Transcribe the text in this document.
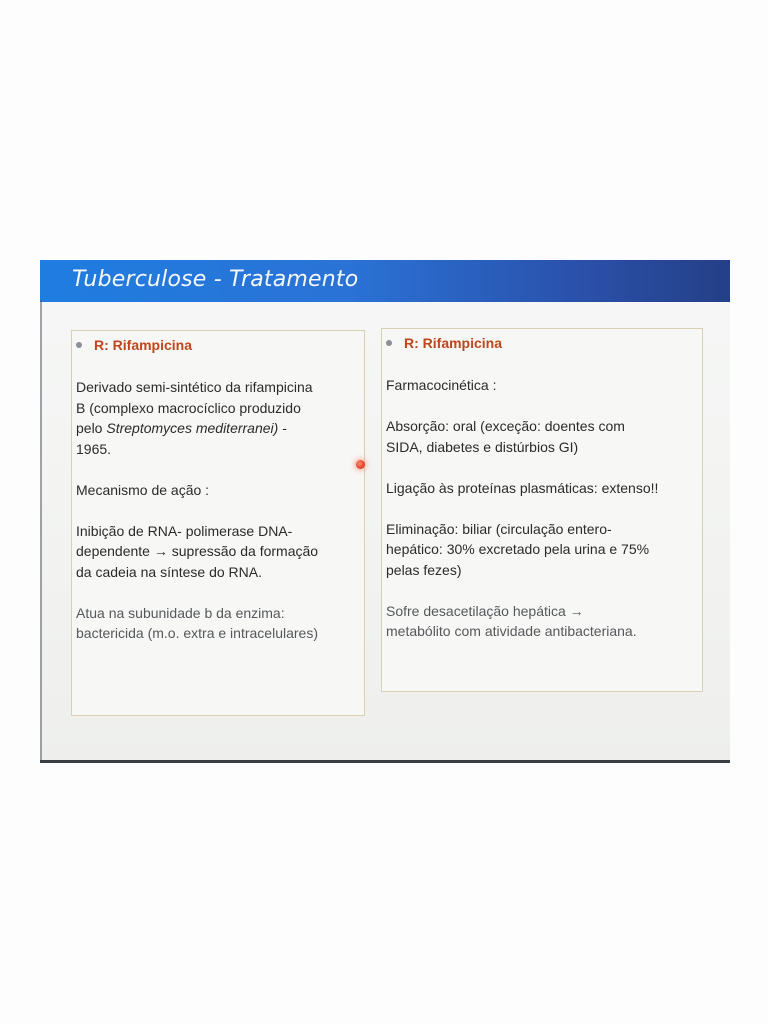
Tuberculose - Tratamento
R: Rifampicina

Derivado semi-sintético da rifampicina
B (complexo macrocíclico produzido
pelo Streptomyces mediterranei) -
1965.

Mecanismo de ação :

Inibição de RNA- polimerase DNA-
dependente → supressão da formação
da cadeia na síntese do RNA.

Atua na subunidade b da enzima:
bactericida (m.o. extra e intracelulares)

R: Rifampicina

Farmacocinética :

Absorção: oral (exceção: doentes com
SIDA, diabetes e distúrbios GI)

Ligação às proteínas plasmáticas: extenso!!

Eliminação: biliar (circulação entero-
hepático: 30% excretado pela urina e 75%
pelas fezes)

Sofre desacetilação hepática →
metabólito com atividade antibacteriana.
